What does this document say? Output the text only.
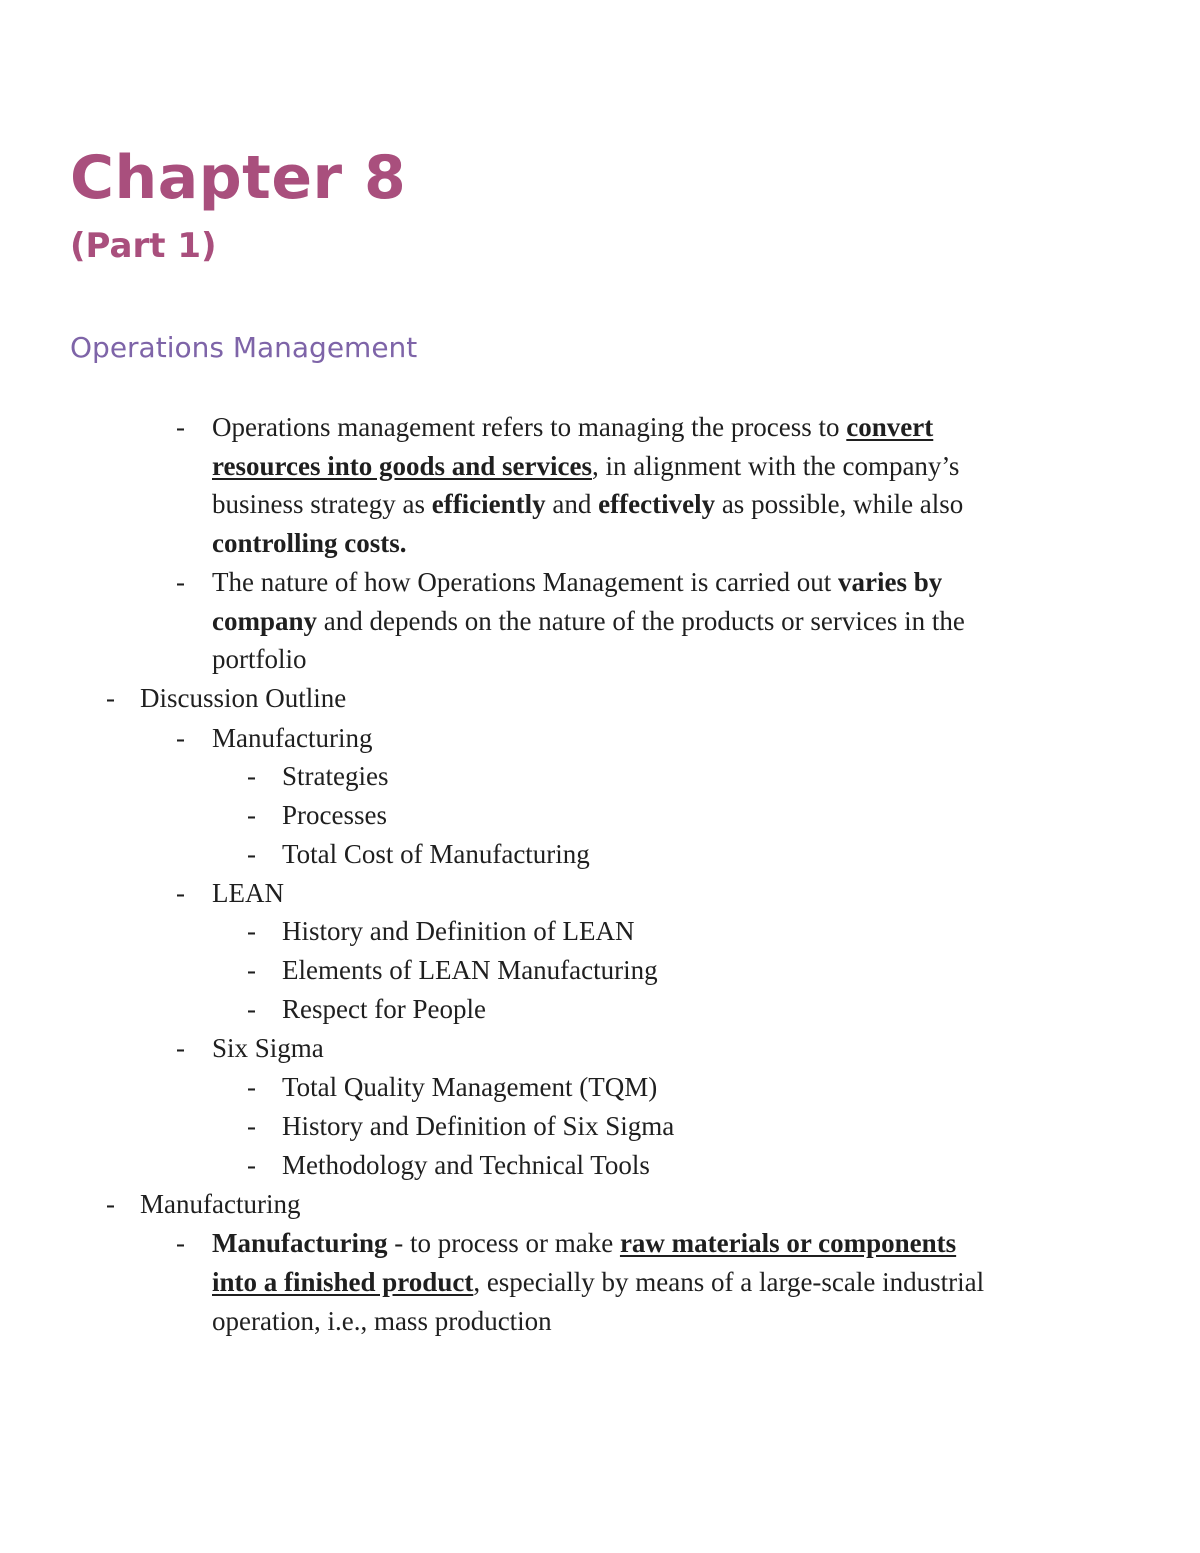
Chapter 8
(Part 1)
Operations Management
- Operations management refers to managing the process to convert
resources into goods and services, in alignment with the company’s
business strategy as efficiently and effectively as possible, while also
controlling costs.
- The nature of how Operations Management is carried out varies by
company and depends on the nature of the products or services in the
portfolio
- Discussion Outline
- Manufacturing
- Strategies
- Processes
- Total Cost of Manufacturing
- LEAN
- History and Definition of LEAN
- Elements of LEAN Manufacturing
- Respect for People
- Six Sigma
- Total Quality Management (TQM)
- History and Definition of Six Sigma
- Methodology and Technical Tools
- Manufacturing
- Manufacturing - to process or make raw materials or components
into a finished product, especially by means of a large-scale industrial
operation, i.e., mass production
